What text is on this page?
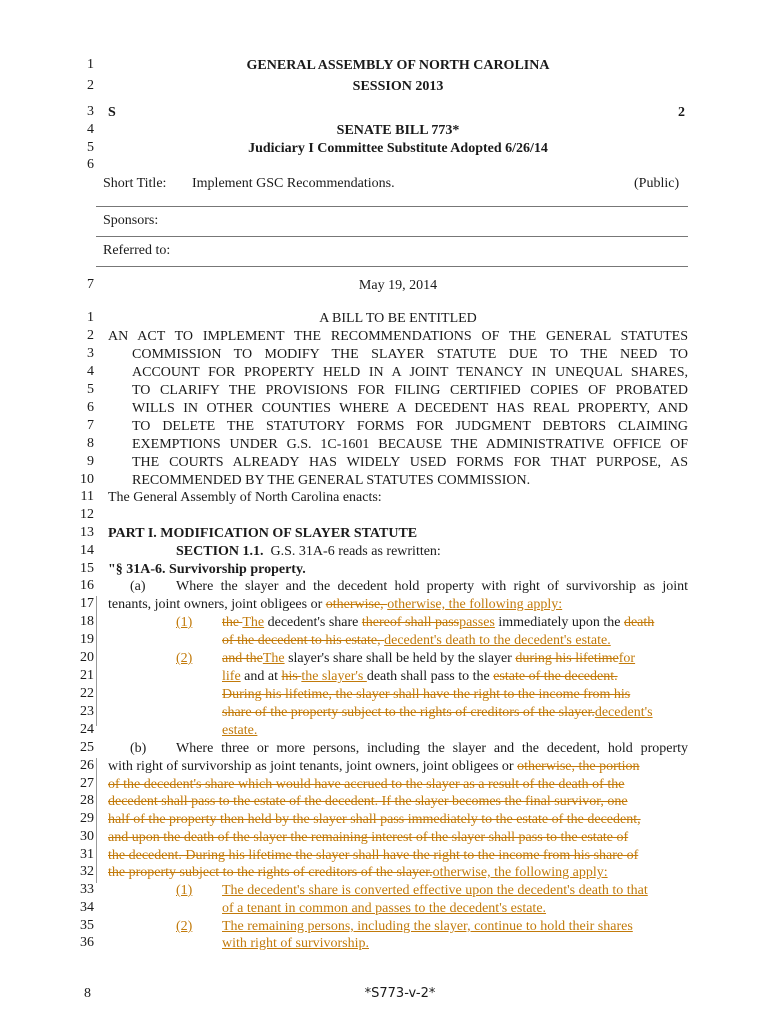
1
2
3
4
5
6
7
GENERAL ASSEMBLY OF NORTH CAROLINA
SESSION 2013
S	2
SENATE BILL 773*
Judiciary I Committee Substitute Adopted 6/26/14
Short Title: Implement GSC Recommendations.	(Public)
Sponsors:
Referred to:
May 19, 2014
1
2
3
4
5
6
7
8
9
10
11
12
13
14
15
16
17
18
19
20
21
22
23
24
25
26
27
28
29
30
31
32
33
34
35
36
A BILL TO BE ENTITLED
AN ACT TO IMPLEMENT THE RECOMMENDATIONS OF THE GENERAL STATUTES
COMMISSION TO MODIFY THE SLAYER STATUTE DUE TO THE NEED TO
ACCOUNT FOR PROPERTY HELD IN A JOINT TENANCY IN UNEQUAL SHARES,
TO CLARIFY THE PROVISIONS FOR FILING CERTIFIED COPIES OF PROBATED
WILLS IN OTHER COUNTIES WHERE A DECEDENT HAS REAL PROPERTY, AND
TO DELETE THE STATUTORY FORMS FOR JUDGMENT DEBTORS CLAIMING
EXEMPTIONS UNDER G.S. 1C-1601 BECAUSE THE ADMINISTRATIVE OFFICE OF
THE COURTS ALREADY HAS WIDELY USED FORMS FOR THAT PURPOSE, AS
RECOMMENDED BY THE GENERAL STATUTES COMMISSION.
The General Assembly of North Carolina enacts:
PART I. MODIFICATION OF SLAYER STATUTE
SECTION 1.1. G.S. 31A-6 reads as rewritten:
"§ 31A-6. Survivorship property.
(a) Where the slayer and the decedent hold property with right of survivorship as joint
tenants, joint owners, joint obligees or otherwise, otherwise, the following apply:
(1) the The decedent's share thereof shall passpasses immediately upon the death
of the decedent to his estate, decedent's death to the decedent's estate.
(2) and theThe slayer's share shall be held by the slayer during his lifetimefor
life and at his the slayer's death shall pass to the estate of the decedent.
During his lifetime, the slayer shall have the right to the income from his
share of the property subject to the rights of creditors of the slayer.decedent's
estate.
(b) Where three or more persons, including the slayer and the decedent, hold property
with right of survivorship as joint tenants, joint owners, joint obligees or otherwise, the portion
of the decedent's share which would have accrued to the slayer as a result of the death of the
decedent shall pass to the estate of the decedent. If the slayer becomes the final survivor, one
half of the property then held by the slayer shall pass immediately to the estate of the decedent,
and upon the death of the slayer the remaining interest of the slayer shall pass to the estate of
the decedent. During his lifetime the slayer shall have the right to the income from his share of
the property subject to the rights of creditors of the slayer.otherwise, the following apply:
(1) The decedent's share is converted effective upon the decedent's death to that
of a tenant in common and passes to the decedent's estate.
(2) The remaining persons, including the slayer, continue to hold their shares
with right of survivorship.
8	*S773-v-2*
